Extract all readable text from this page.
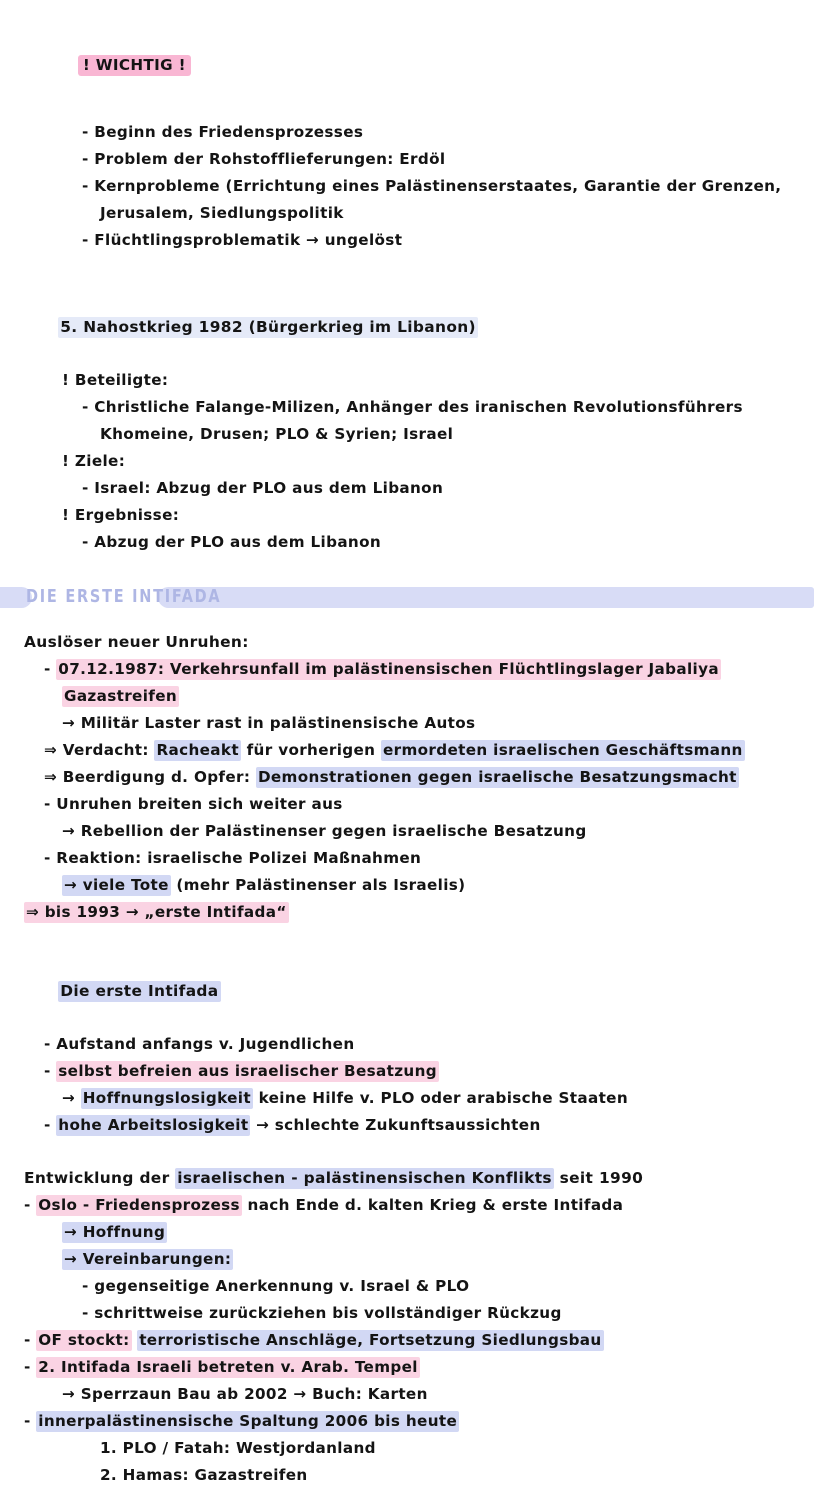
! WICHTIG !

- Beginn des Friedensprozesses
- Problem der Rohstofflieferungen: Erdöl
- Kernprobleme (Errichtung eines Palästinenserstaates, Garantie der Grenzen,
Jerusalem, Siedlungspolitik
- Flüchtlingsproblematik → ungelöst

5. Nahostkrieg 1982 (Bürgerkrieg im Libanon)

! Beteiligte:
- Christliche Falange-Milizen, Anhänger des iranischen Revolutionsführers
Khomeine, Drusen; PLO & Syrien; Israel
! Ziele:
- Israel: Abzug der PLO aus dem Libanon
! Ergebnisse:
- Abzug der PLO aus dem Libanon
DIE ERSTE INTIFADA
Auslöser neuer Unruhen:
- 07.12.1987: Verkehrsunfall im palästinensischen Flüchtlingslager Jabaliya
Gazastreifen
→ Militär Laster rast in palästinensische Autos
⇒ Verdacht: Racheakt für vorherigen ermordeten israelischen Geschäftsmann
⇒ Beerdigung d. Opfer: Demonstrationen gegen israelische Besatzungsmacht
- Unruhen breiten sich weiter aus
→ Rebellion der Palästinenser gegen israelische Besatzung
- Reaktion: israelische Polizei Maßnahmen
→ viele Tote (mehr Palästinenser als Israelis)
⇒ bis 1993 → „erste Intifada“

Die erste Intifada

- Aufstand anfangs v. Jugendlichen
- selbst befreien aus israelischer Besatzung
→ Hoffnungslosigkeit keine Hilfe v. PLO oder arabische Staaten
- hohe Arbeitslosigkeit → schlechte Zukunftsaussichten
Entwicklung der israelischen - palästinensischen Konflikts seit 1990
- Oslo - Friedensprozess nach Ende d. kalten Krieg & erste Intifada
→ Hoffnung
→ Vereinbarungen:
- gegenseitige Anerkennung v. Israel & PLO
- schrittweise zurückziehen bis vollständiger Rückzug
- OF stockt: terroristische Anschläge, Fortsetzung Siedlungsbau
- 2. Intifada Israeli betreten v. Arab. Tempel
→ Sperrzaun Bau ab 2002 → Buch: Karten
- innerpalästinensische Spaltung 2006 bis heute
1. PLO / Fatah: Westjordanland
2. Hamas: Gazastreifen
